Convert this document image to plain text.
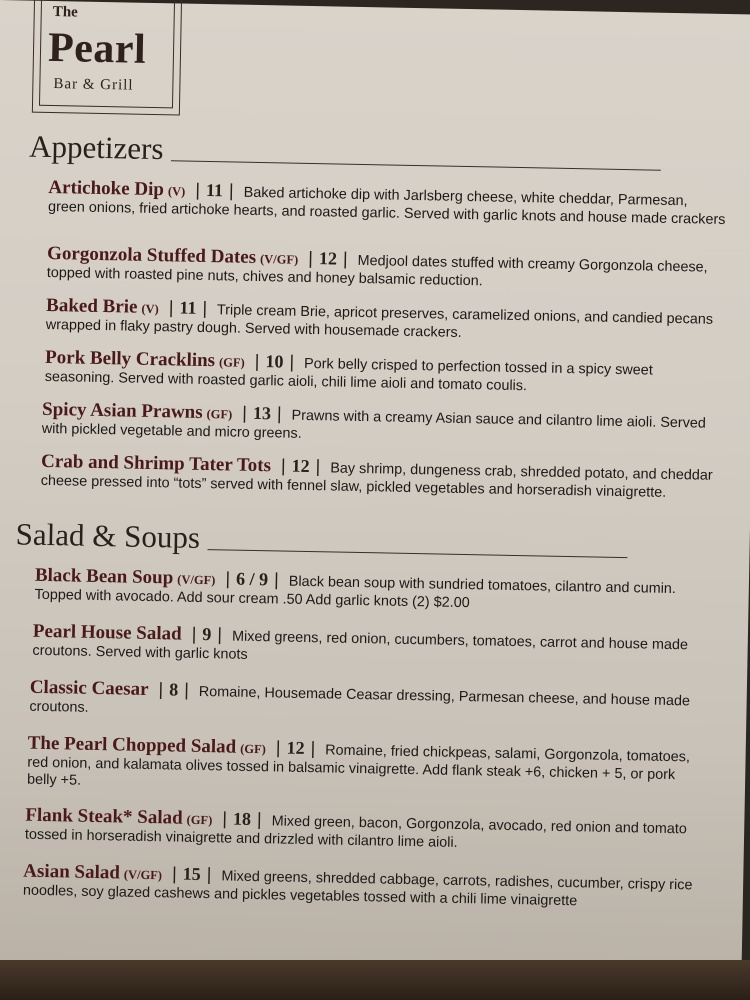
The
Pearl
Bar & Grill
Appetizers
Artichoke Dip (V) | 11 | Baked artichoke dip with Jarlsberg cheese, white cheddar, Parmesan, green onions, fried artichoke hearts, and roasted garlic. Served with garlic knots and house made crackers
Gorgonzola Stuffed Dates (V/GF) | 12 | Medjool dates stuffed with creamy Gorgonzola cheese, topped with roasted pine nuts, chives and honey balsamic reduction.
Baked Brie (V) | 11 | Triple cream Brie, apricot preserves, caramelized onions, and candied pecans wrapped in flaky pastry dough. Served with housemade crackers.
Pork Belly Cracklins (GF) | 10 | Pork belly crisped to perfection tossed in a spicy sweet seasoning. Served with roasted garlic aioli, chili lime aioli and tomato coulis.
Spicy Asian Prawns (GF) | 13 | Prawns with a creamy Asian sauce and cilantro lime aioli. Served with pickled vegetable and micro greens.
Crab and Shrimp Tater Tots | 12 | Bay shrimp, dungeness crab, shredded potato, and cheddar cheese pressed into “tots” served with fennel slaw, pickled vegetables and horseradish vinaigrette.
Salad & Soups
Black Bean Soup (V/GF) | 6 / 9 | Black bean soup with sundried tomatoes, cilantro and cumin. Topped with avocado. Add sour cream .50 Add garlic knots (2) $2.00
Pearl House Salad | 9 | Mixed greens, red onion, cucumbers, tomatoes, carrot and house made croutons. Served with garlic knots
Classic Caesar | 8 | Romaine, Housemade Ceasar dressing, Parmesan cheese, and house made croutons.
The Pearl Chopped Salad (GF) | 12 | Romaine, fried chickpeas, salami, Gorgonzola, tomatoes, red onion, and kalamata olives tossed in balsamic vinaigrette. Add flank steak +6, chicken + 5, or pork belly +5.
Flank Steak* Salad (GF) | 18 | Mixed green, bacon, Gorgonzola, avocado, red onion and tomato tossed in horseradish vinaigrette and drizzled with cilantro lime aioli.
Asian Salad (V/GF) | 15 | Mixed greens, shredded cabbage, carrots, radishes, cucumber, crispy rice noodles, soy glazed cashews and pickles vegetables tossed with a chili lime vinaigrette
